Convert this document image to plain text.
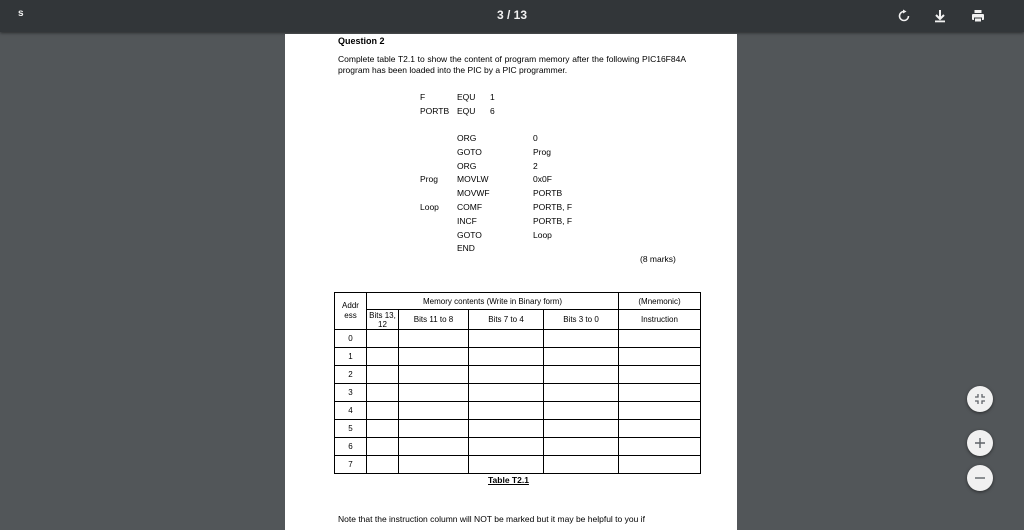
s	3 / 13
Question 2
Complete table T2.1 to show the content of program memory after the following PIC16F84A program has been loaded into the PIC by a PIC programmer.
F	EQU 1
PORTB EQU 6
ORG	0
GOTO	Prog
ORG	2
Prog MOVLW	0x0F
MOVWF	PORTB
Loop COMF	PORTB, F
INCF	PORTB, F
GOTO	Loop
END
(8 marks)
Addr ess	Memory contents (Write in Binary form)				(Mnemonic)
	Bits 13, 12	Bits 11 to 8	Bits 7 to 4	Bits 3 to 0	Instruction
0					
1					
2					
3					
4					
5					
6					
7					
Table T2.1
Note that the instruction column will NOT be marked but it may be helpful to you if
